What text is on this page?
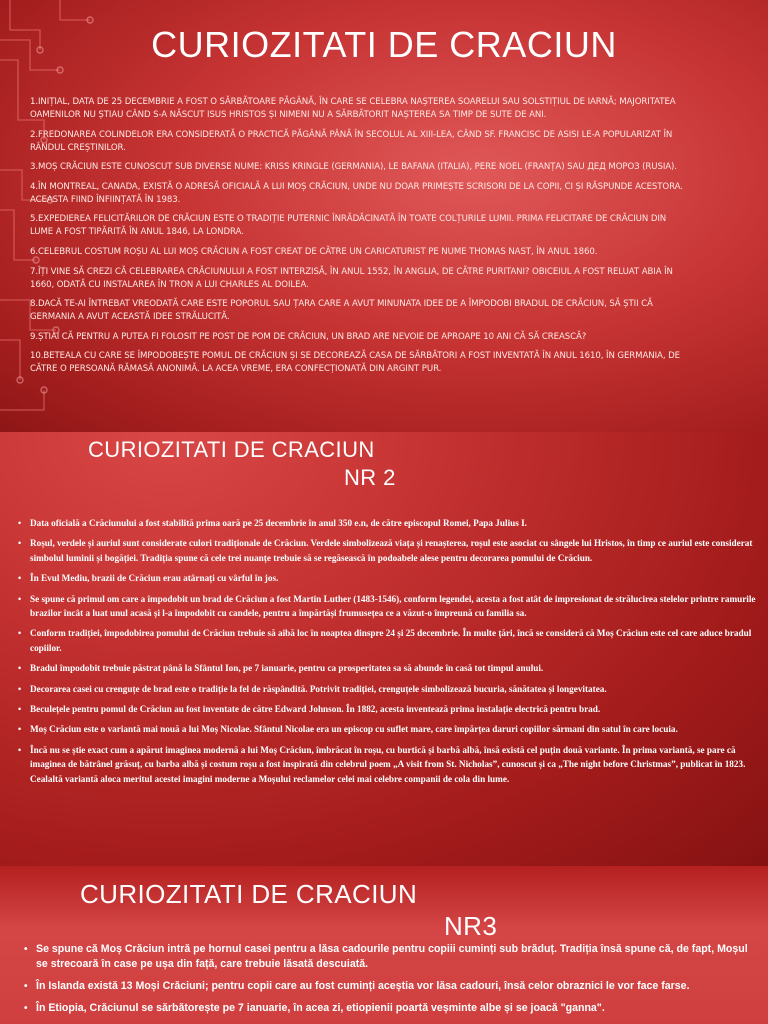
CURIOZITATI DE CRACIUN
1.INIȚIAL, DATA DE 25 DECEMBRIE A FOST O SĂRBĂTOARE PĂGÂNĂ, ÎN CARE SE CELEBRA NAȘTEREA SOARELUI SAU SOLSTIȚIUL DE IARNĂ; MAJORITATEA OAMENILOR NU ȘTIAU CÂND S-A NĂSCUT ISUS HRISTOS ȘI NIMENI NU A SĂRBĂTORIT NAȘTEREA SA TIMP DE SUTE DE ANI.
2.FREDONAREA COLINDELOR ERA CONSIDERATĂ O PRACTICĂ PĂGÂNĂ PÂNĂ ÎN SECOLUL AL XIII-LEA, CÂND SF. FRANCISC DE ASISI LE-A POPULARIZAT ÎN RÂNDUL CREȘTINILOR.
3.MOȘ CRĂCIUN ESTE CUNOSCUT SUB DIVERSE NUME: KRISS KRINGLE (GERMANIA), LE BAFANA (ITALIA), PERE NOEL (FRANȚA) SAU ДЕД МОРОЗ (RUSIA).
4.ÎN MONTREAL, CANADA, EXISTĂ O ADRESĂ OFICIALĂ A LUI MOȘ CRĂCIUN, UNDE NU DOAR PRIMEȘTE SCRISORI DE LA COPII, CI ȘI RĂSPUNDE ACESTORA. ACEASTA FIIND ÎNFIINȚATĂ ÎN 1983.
5.EXPEDIEREA FELICITĂRILOR DE CRĂCIUN ESTE O TRADIȚIE PUTERNIC ÎNRĂDĂCINATĂ ÎN TOATE COLȚURILE LUMII. PRIMA FELICITARE DE CRĂCIUN DIN LUME A FOST TIPĂRITĂ ÎN ANUL 1846, LA LONDRA.
6.CELEBRUL COSTUM ROȘU AL LUI MOȘ CRĂCIUN A FOST CREAT DE CĂTRE UN CARICATURIST PE NUME THOMAS NAST, ÎN ANUL 1860.
7.ÎȚI VINE SĂ CREZI CĂ CELEBRAREA CRĂCIUNULUI A FOST INTERZISĂ, ÎN ANUL 1552, ÎN ANGLIA, DE CĂTRE PURITANI? OBICEIUL A FOST RELUAT ABIA ÎN 1660, ODATĂ CU INSTALAREA ÎN TRON A LUI CHARLES AL DOILEA.
8.DACĂ TE-AI ÎNTREBAT VREODATĂ CARE ESTE POPORUL SAU ȚARA CARE A AVUT MINUNATA IDEE DE A ÎMPODOBI BRADUL DE CRĂCIUN, SĂ ȘTII CĂ GERMANIA A AVUT ACEASTĂ IDEE STRĂLUCITĂ.
9.ȘTIAI CĂ PENTRU A PUTEA FI FOLOSIT PE POST DE POM DE CRĂCIUN, UN BRAD ARE NEVOIE DE APROAPE 10 ANI CĂ SĂ CREASCĂ?
10.BETEALA CU CARE SE ÎMPODOBEȘTE POMUL DE CRĂCIUN ȘI SE DECOREAZĂ CASA DE SĂRBĂTORI A FOST INVENTATĂ ÎN ANUL 1610, ÎN GERMANIA, DE CĂTRE O PERSOANĂ RĂMASĂ ANONIMĂ. LA ACEA VREME, ERA CONFECȚIONATĂ DIN ARGINT PUR.
CURIOZITATI DE CRACIUN
NR 2
• Data oficială a Crăciunului a fost stabilită prima oară pe 25 decembrie în anul 350 e.n, de către episcopul Romei, Papa Julius I.
• Roșul, verdele și auriul sunt considerate culori tradiționale de Crăciun. Verdele simbolizează viața și renașterea, roșul este asociat cu sângele lui Hristos, în timp ce auriul este considerat simbolul luminii și bogăției. Tradiția spune că cele trei nuanțe trebuie să se regăsească în podoabele alese pentru decorarea pomului de Crăciun.
• În Evul Mediu, brazii de Crăciun erau atârnați cu vârful în jos.
• Se spune că primul om care a împodobit un brad de Crăciun a fost Martin Luther (1483-1546), conform legendei, acesta a fost atât de impresionat de strălucirea stelelor printre ramurile brazilor încât a luat unul acasă și l-a împodobit cu candele, pentru a împărtăși frumusețea ce a văzut-o împreună cu familia sa.
• Conform tradiției, împodobirea pomului de Crăciun trebuie să aibă loc în noaptea dinspre 24 și 25 decembrie. În multe țări, încă se consideră că Moș Crăciun este cel care aduce bradul copiilor.
• Bradul împodobit trebuie păstrat până la Sfântul Ion, pe 7 ianuarie, pentru ca prosperitatea sa să abunde în casă tot timpul anului.
• Decorarea casei cu crenguțe de brad este o tradiție la fel de răspândită. Potrivit tradiției, crenguțele simbolizează bucuria, sănătatea și longevitatea.
• Beculețele pentru pomul de Crăciun au fost inventate de către Edward Johnson. În 1882, acesta inventează prima instalație electrică pentru brad.
• Moș Crăciun este o variantă mai nouă a lui Moș Nicolae. Sfântul Nicolae era un episcop cu suflet mare, care împărțea daruri copiilor sărmani din satul în care locuia.
• Încă nu se știe exact cum a apărut imaginea modernă a lui Moș Crăciun, îmbrăcat în roșu, cu burtică și barbă albă, însă există cel puțin două variante. În prima variantă, se pare că imaginea de bătrânel grăsuț, cu barba albă și costum roșu a fost inspirată din celebrul poem „A visit from St. Nicholas”, cunoscut și ca „The night before Christmas”, publicat în 1823. Cealaltă variantă aloca meritul acestei imagini moderne a Moșului reclamelor celei mai celebre companii de cola din lume.
CURIOZITATI DE CRACIUN
NR3
• Se spune că Moș Crăciun intră pe hornul casei pentru a lăsa cadourile pentru copiii cuminți sub brăduț. Tradiția însă spune că, de fapt, Moșul se strecoară în case pe ușa din față, care trebuie lăsată descuiată.
• În Islanda există 13 Moși Crăciuni; pentru copii care au fost cuminți aceștia vor lăsa cadouri, însă celor obraznici le vor face farse.
• În Etiopia, Crăciunul se sărbătorește pe 7 ianuarie, în acea zi, etiopienii poartă veșminte albe și se joacă "ganna".
